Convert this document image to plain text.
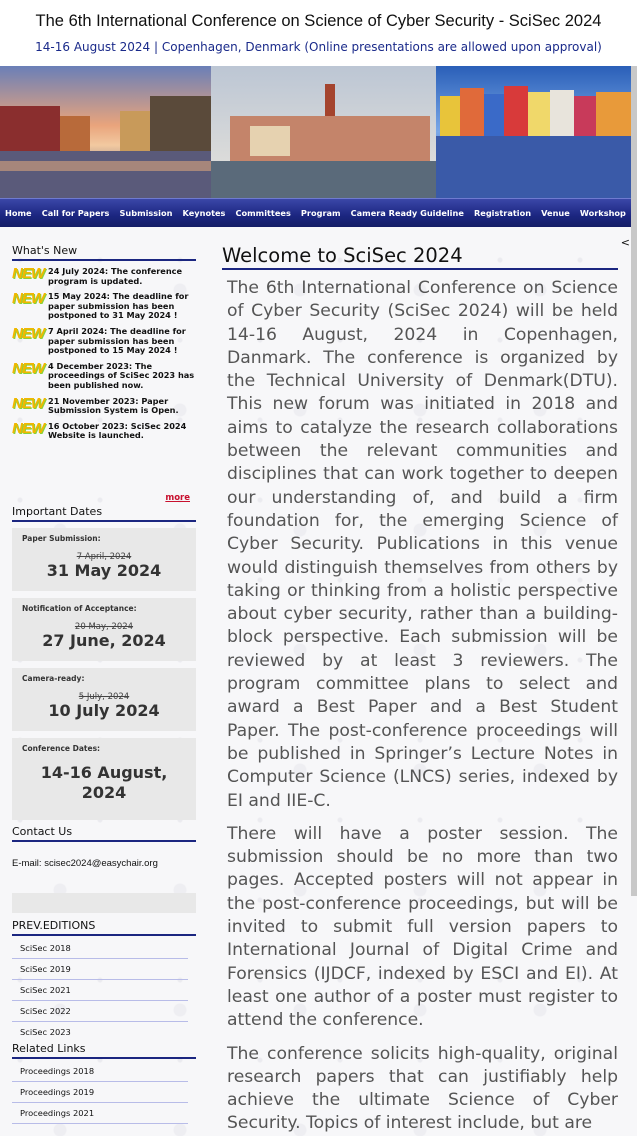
The 6th International Conference on Science of Cyber Security - SciSec 2024
14-16 August 2024 | Copenhagen, Denmark (Online presentations are allowed upon approval)
Home Call for Papers Submission Keynotes Committees Program Camera Ready Guideline Registration Venue Workshop
What's New
NEW 24 July 2024: The conference program is updated.
NEW 15 May 2024: The deadline for paper submission has been postponed to 31 May 2024 !
NEW 7 April 2024: The deadline for paper submission has been postponed to 15 May 2024 !
NEW 4 December 2023: The proceedings of SciSec 2023 has been published now.
NEW 21 November 2023: Paper Submission System is Open.
NEW 16 October 2023: SciSec 2024 Website is launched.
more
Important Dates
Paper Submission:
7 April, 2024
31 May 2024
Notification of Acceptance:
20 May, 2024
27 June, 2024
Camera-ready:
5 July, 2024
10 July 2024
Conference Dates:
14-16 August, 2024
Contact Us
E-mail: scisec2024@easychair.org
PREV.EDITIONS
SciSec 2018
SciSec 2019
SciSec 2021
SciSec 2022
SciSec 2023
Related Links
Proceedings 2018
Proceedings 2019
Proceedings 2021
Welcome to SciSec 2024
<

The 6th International Conference on Science of Cyber Security (SciSec 2024) will be held 14-16 August, 2024 in Copenhagen, Danmark. The conference is organized by the Technical University of Denmark(DTU). This new forum was initiated in 2018 and aims to catalyze the research collaborations between the relevant communities and disciplines that can work together to deepen our understanding of, and build a firm foundation for, the emerging Science of Cyber Security. Publications in this venue would distinguish themselves from others by taking or thinking from a holistic perspective about cyber security, rather than a building-block perspective. Each submission will be reviewed by at least 3 reviewers. The program committee plans to select and award a Best Paper and a Best Student Paper. The post-conference proceedings will be published in Springer’s Lecture Notes in Computer Science (LNCS) series, indexed by EI and IIE-C.

There will have a poster session. The submission should be no more than two pages. Accepted posters will not appear in the post-conference proceedings, but will be invited to submit full version papers to International Journal of Digital Crime and Forensics (IJDCF, indexed by ESCI and EI). At least one author of a poster must register to attend the conference.

The conference solicits high-quality, original research papers that can justifiably help achieve the ultimate Science of Cyber Security. Topics of interest include, but are
